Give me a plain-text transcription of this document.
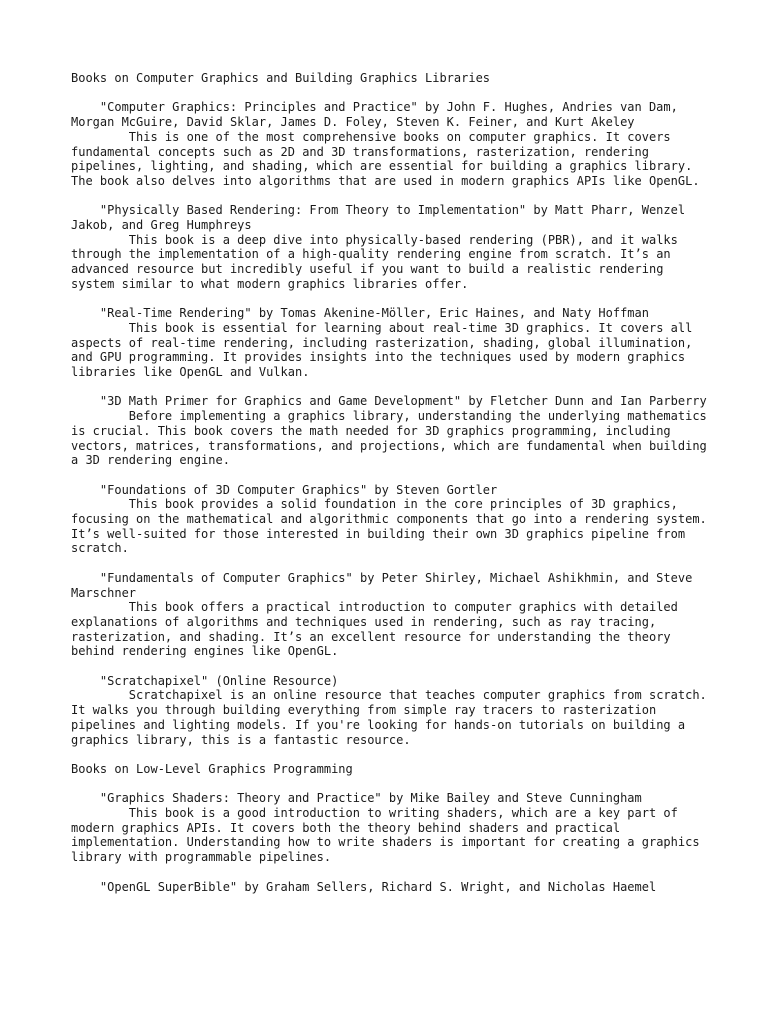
Books on Computer Graphics and Building Graphics Libraries
"Computer Graphics: Principles and Practice" by John F. Hughes, Andries van Dam, Morgan McGuire, David Sklar, James D. Foley, Steven K. Feiner, and Kurt Akeley
This is one of the most comprehensive books on computer graphics. It covers fundamental concepts such as 2D and 3D transformations, rasterization, rendering pipelines, lighting, and shading, which are essential for building a graphics library. The book also delves into algorithms that are used in modern graphics APIs like OpenGL.
"Physically Based Rendering: From Theory to Implementation" by Matt Pharr, Wenzel Jakob, and Greg Humphreys
This book is a deep dive into physically-based rendering (PBR), and it walks through the implementation of a high-quality rendering engine from scratch. It’s an advanced resource but incredibly useful if you want to build a realistic rendering system similar to what modern graphics libraries offer.
"Real-Time Rendering" by Tomas Akenine-Möller, Eric Haines, and Naty Hoffman
This book is essential for learning about real-time 3D graphics. It covers all aspects of real-time rendering, including rasterization, shading, global illumination, and GPU programming. It provides insights into the techniques used by modern graphics libraries like OpenGL and Vulkan.
"3D Math Primer for Graphics and Game Development" by Fletcher Dunn and Ian Parberry
Before implementing a graphics library, understanding the underlying mathematics is crucial. This book covers the math needed for 3D graphics programming, including vectors, matrices, transformations, and projections, which are fundamental when building a 3D rendering engine.
"Foundations of 3D Computer Graphics" by Steven Gortler
This book provides a solid foundation in the core principles of 3D graphics, focusing on the mathematical and algorithmic components that go into a rendering system. It’s well-suited for those interested in building their own 3D graphics pipeline from scratch.
"Fundamentals of Computer Graphics" by Peter Shirley, Michael Ashikhmin, and Steve Marschner
This book offers a practical introduction to computer graphics with detailed explanations of algorithms and techniques used in rendering, such as ray tracing, rasterization, and shading. It’s an excellent resource for understanding the theory behind rendering engines like OpenGL.
"Scratchapixel" (Online Resource)
Scratchapixel is an online resource that teaches computer graphics from scratch. It walks you through building everything from simple ray tracers to rasterization pipelines and lighting models. If you're looking for hands-on tutorials on building a graphics library, this is a fantastic resource.
Books on Low-Level Graphics Programming
"Graphics Shaders: Theory and Practice" by Mike Bailey and Steve Cunningham
This book is a good introduction to writing shaders, which are a key part of modern graphics APIs. It covers both the theory behind shaders and practical implementation. Understanding how to write shaders is important for creating a graphics library with programmable pipelines.
"OpenGL SuperBible" by Graham Sellers, Richard S. Wright, and Nicholas Haemel
